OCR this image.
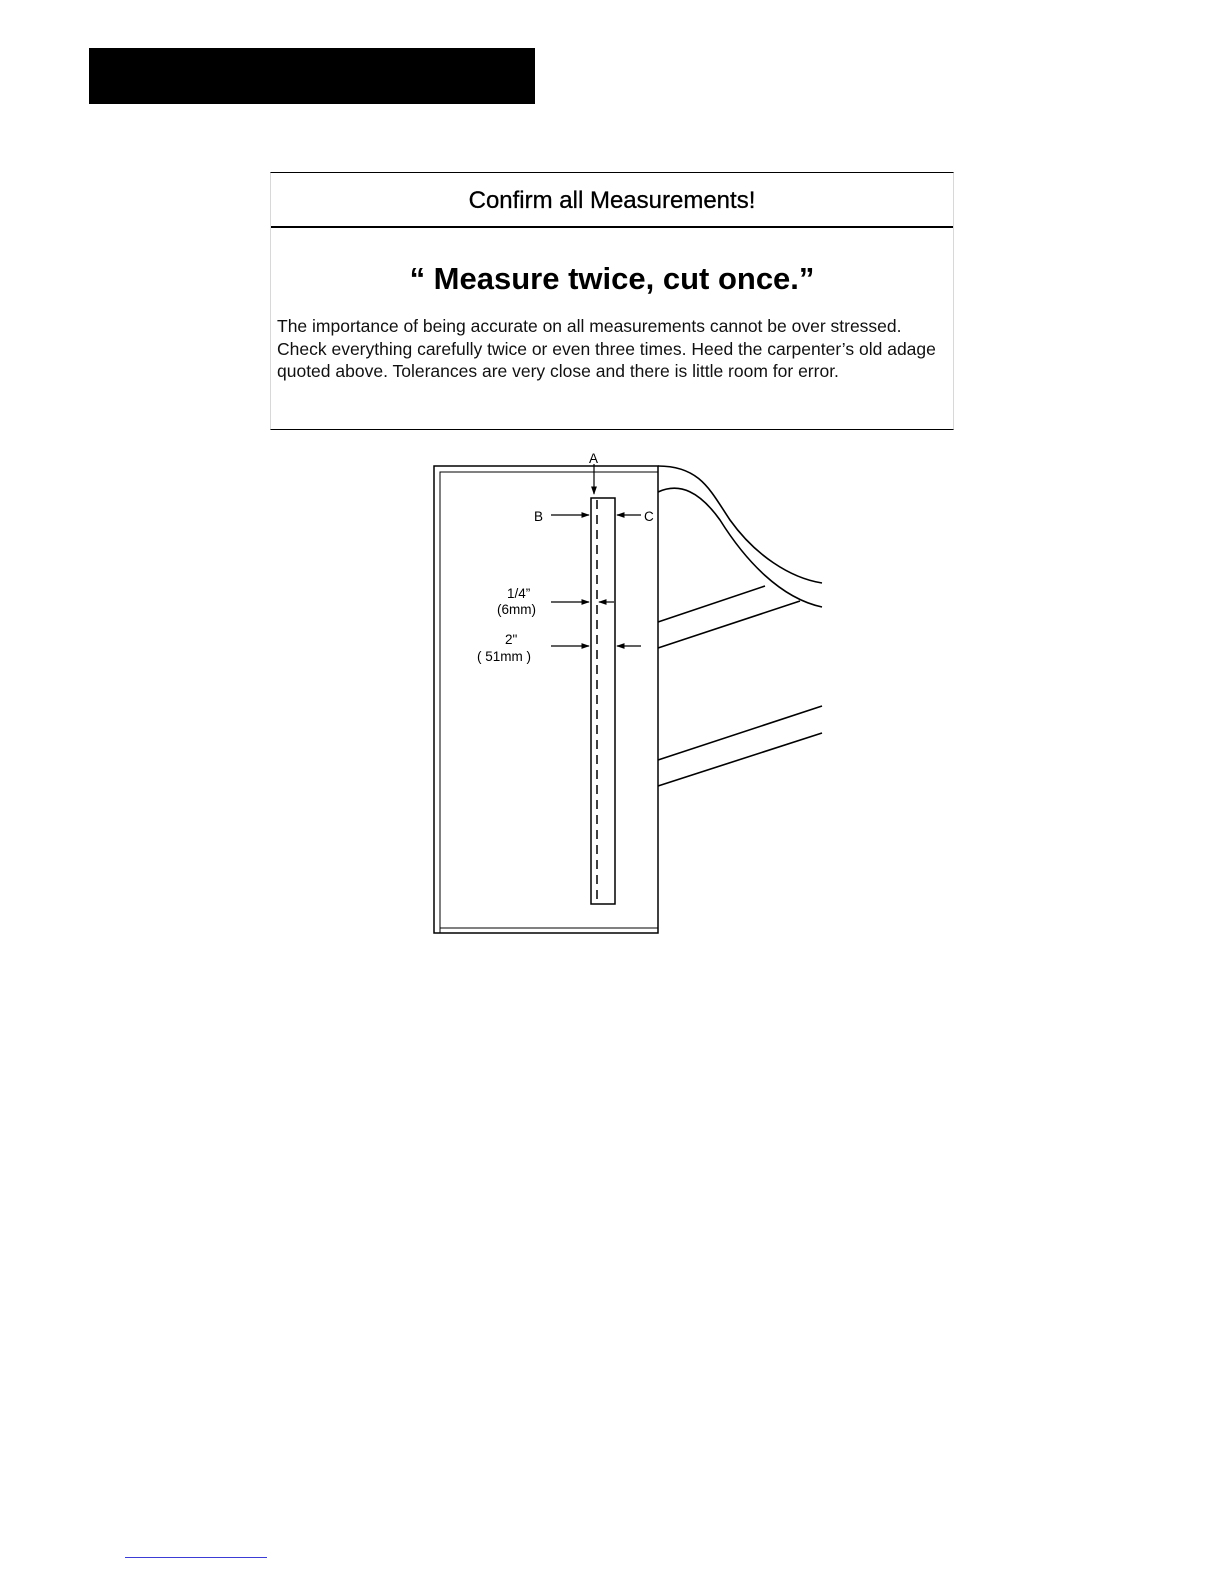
Confirm all Measurements!
“ Measure twice, cut once.”
The importance of being accurate on all measurements cannot be over stressed. Check everything carefully twice or even three times. Heed the carpenter’s old adage quoted above. Tolerances are very close and there is little room for error.
A
B	C
1/4”
(6mm)
2"
( 51mm )
